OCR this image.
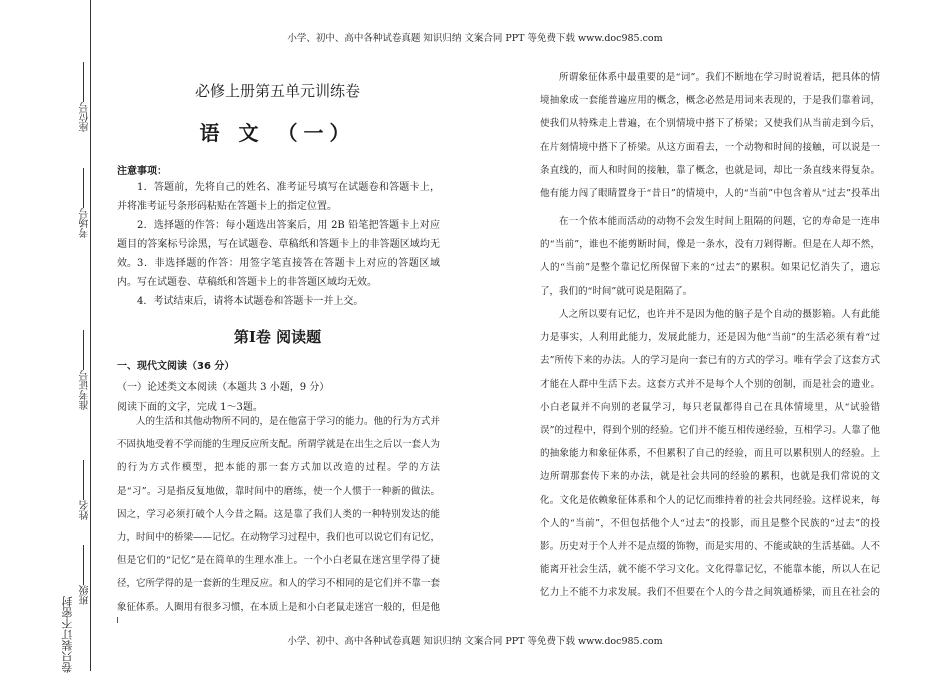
小学、初中、高中各种试卷真题 知识归纳 文案合同 PPT 等免费下载 www.doc985.com
座位号
考场号
准考证号
姓名
班级
卷只装订不密封
必修上册第五单元训练卷
语 文 （一）
注意事项：

1．答题前，先将自己的姓名、准考证号填写在试题卷和答题卡上，并将准考证号条形码粘贴在答题卡上的指定位置。

2．选择题的作答：每小题选出答案后，用 2B 铅笔把答题卡上对应题目的答案标号涂黑，写在试题卷、草稿纸和答题卡上的非答题区域均无效。 3．非选择题的作答：用签字笔直接答在答题卡上对应的答题区域内。写在试题卷、草稿纸和答题卡上的非答题区域均无效。

4．考试结束后，请将本试题卷和答题卡一并上交。

第Ⅰ卷 阅读题
一、现代文阅读（36 分）
（一）论述类文本阅读（本题共 3 小题，9 分）
阅读下面的文字，完成 1～3题。

人的生活和其他动物所不同的，是在他富于学习的能力。他的行为方式并不固执地受着不学而能的生理反应所支配。所谓学就是在出生之后以一套人为的行为方式作模型，把本能的那一套方式加以改造的过程。学的方法是“习”。习是指反复地做，靠时间中的磨练，使一个人惯于一种新的做法。因之，学习必须打破个人今昔之隔。这是靠了我们人类的一种特别发达的能力，时间中的桥梁——记忆。在动物学习过程中，我们也可以说它们有记忆，但是它们的“记忆”是在简单的生理水准上。一个小白老鼠在迷宫里学得了捷径，它所学得的是一套新的生理反应。和人的学习不相同的是它们并不靠一套象征体系。人圈用有很多习惯，在本质上是和小白老鼠走迷宫一般的，但是他

所谓象征体系中最重要的是“词”。我们不断地在学习时说着话，把具体的情境抽象成一套能普遍应用的概念，概念必然是用词来表现的，于是我们靠着词，使我们从特殊走上普遍，在个别情境中搭下了桥梁；又使我们从当前走到今后，在片刻情境中搭下了桥梁。从这方面看去，一个动物和时间的接触，可以说是一条直线的，而人和时间的接触，靠了概念，也就是词，却比一条直线来得复杂。他有能力闯了眼睛置身于“昔日”的情境中，人的“当前”中包含着从“过去”投革出

在一个依本能而活动的动物不会发生时间上阻隔的问题，它的寿命是一连串的“当前”，谁也不能剪断时间，像是一条水，没有刀剁得断。但是在人却不然，人的“当前”是整个靠记忆所保留下来的“过去”的累积。如果记忆消失了，遗忘了，我们的“时间”就可说是阻隔了。

人之所以要有记忆，也许并不是因为他的脑子是个自动的摄影箱。人有此能力是事实，人利用此能力，发展此能力，还是因为他“当前”的生活必须有着“过去”所传下来的办法。人的学习是向一套已有的方式的学习。唯有学会了这套方式才能在人群中生活下去。这套方式并不是每个人个别的创制，而是社会的遗业。小白老鼠并不向别的老鼠学习，每只老鼠都得自己在具体情境里，从“试验错误”的过程中，得到个别的经验。它们并不能互相传递经验，互相学习。人靠了他的抽象能力和象征体系，不但累积了自己的经验，而且可以累积别人的经验。上边所谓那套传下来的办法，就是社会共同的经验的累积，也就是我们常说的文化。文化是依赖象征体系和个人的记忆而维持着的社会共同经验。这样说来，每个人的“当前”，不但包括他个人“过去”的投影，而且是整个民族的“过去”的投影。历史对于个人并不是点缀的饰物，而是实用的、不能或缺的生活基础。人不能离开社会生活，就不能不学习文化。文化得靠记忆，不能靠本能，所以人在记忆力上不能不力求发展。我们不但要在个人的今昔之间筑通桥梁，而且在社会的

小学、初中、高中各种试卷真题 知识归纳 文案合同 PPT 等免费下载 www.doc985.com
